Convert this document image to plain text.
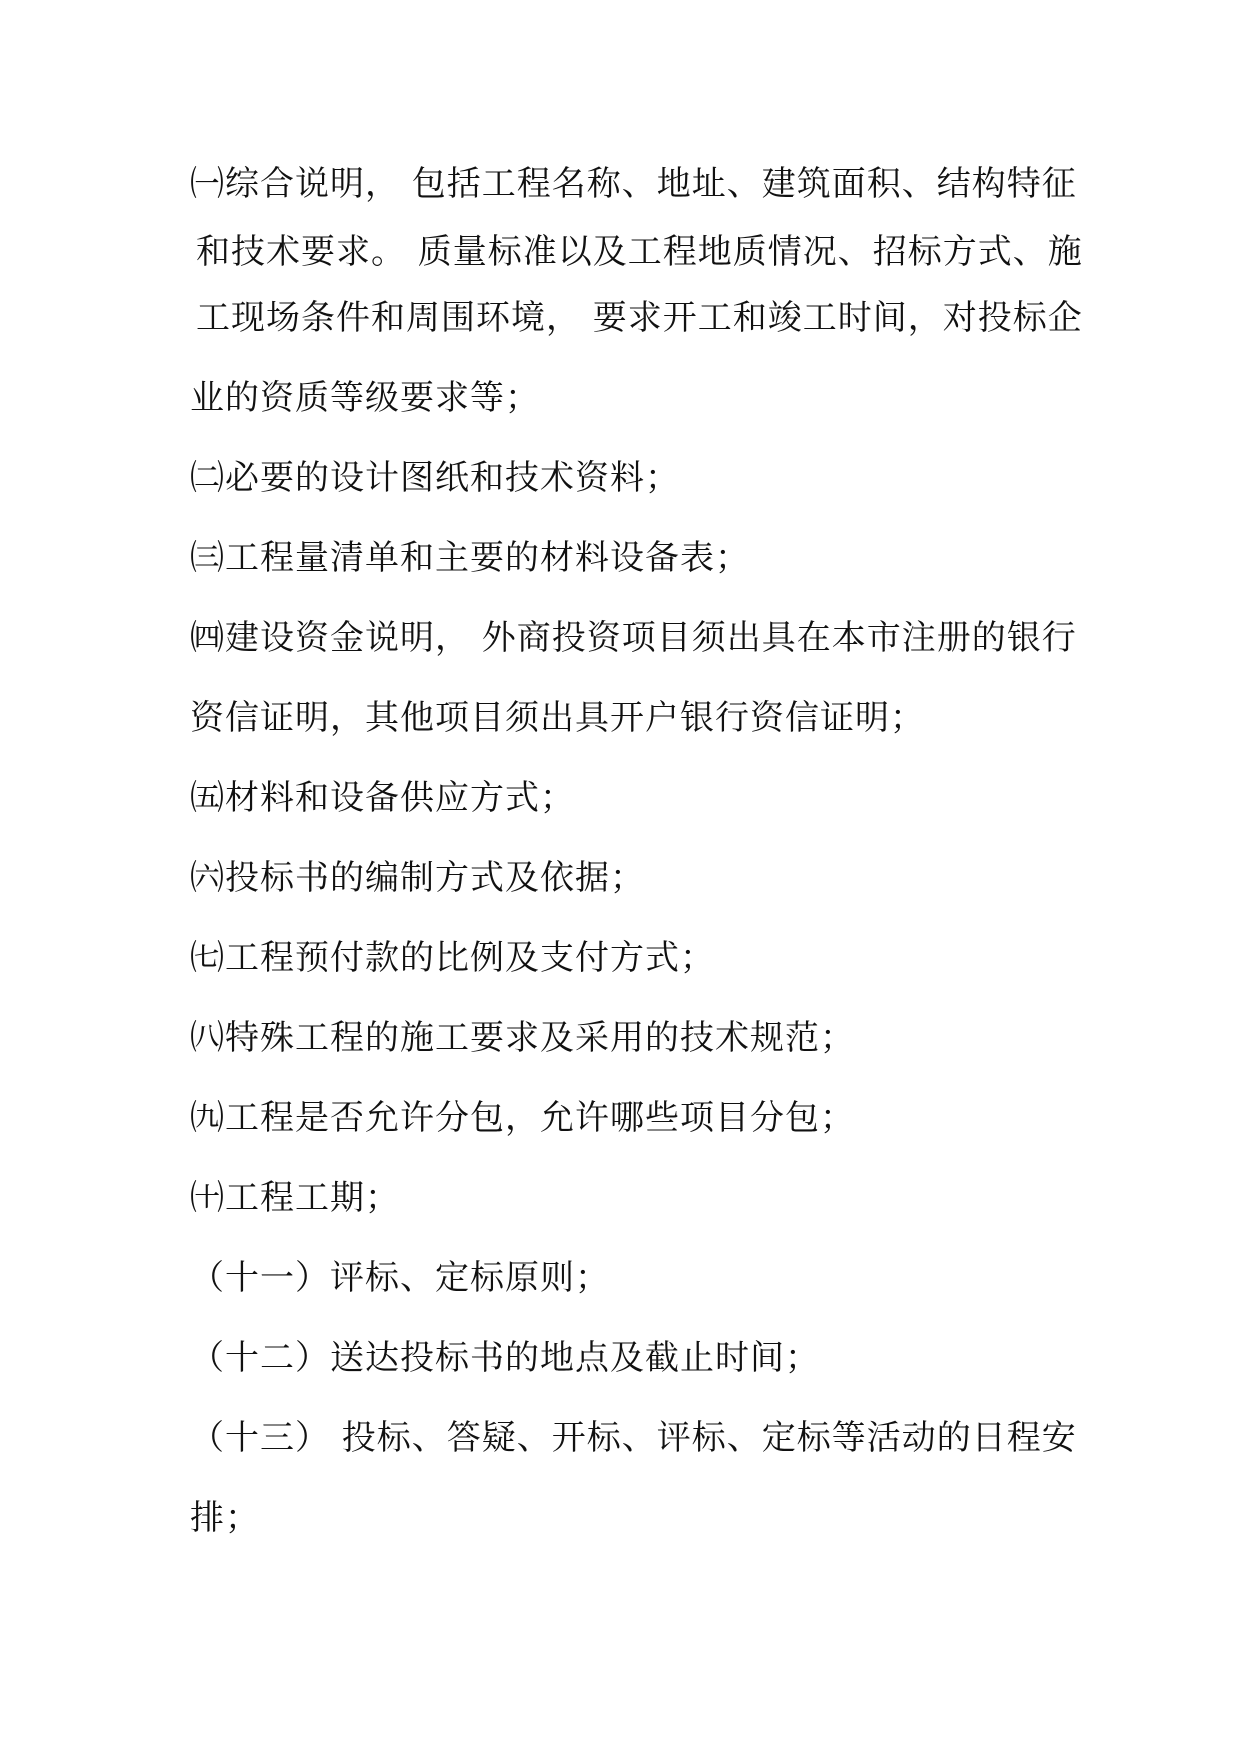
㈠综合说明， 包括工程名称、地址、建筑面积、结构特征
和技术要求。 质量标准以及工程地质情况、招标方式、施
工现场条件和周围环境， 要求开工和竣工时间，对投标企
业的资质等级要求等；
㈡必要的设计图纸和技术资料；
㈢工程量清单和主要的材料设备表；
㈣建设资金说明， 外商投资项目须出具在本市注册的银行
资信证明，其他项目须出具开户银行资信证明；
㈤材料和设备供应方式；
㈥投标书的编制方式及依据；
㈦工程预付款的比例及支付方式；
㈧特殊工程的施工要求及采用的技术规范；
㈨工程是否允许分包，允许哪些项目分包；
㈩工程工期；
（十一）评标、定标原则；
（十二）送达投标书的地点及截止时间；
（十三） 投标、答疑、开标、评标、定标等活动的日程安
排；
